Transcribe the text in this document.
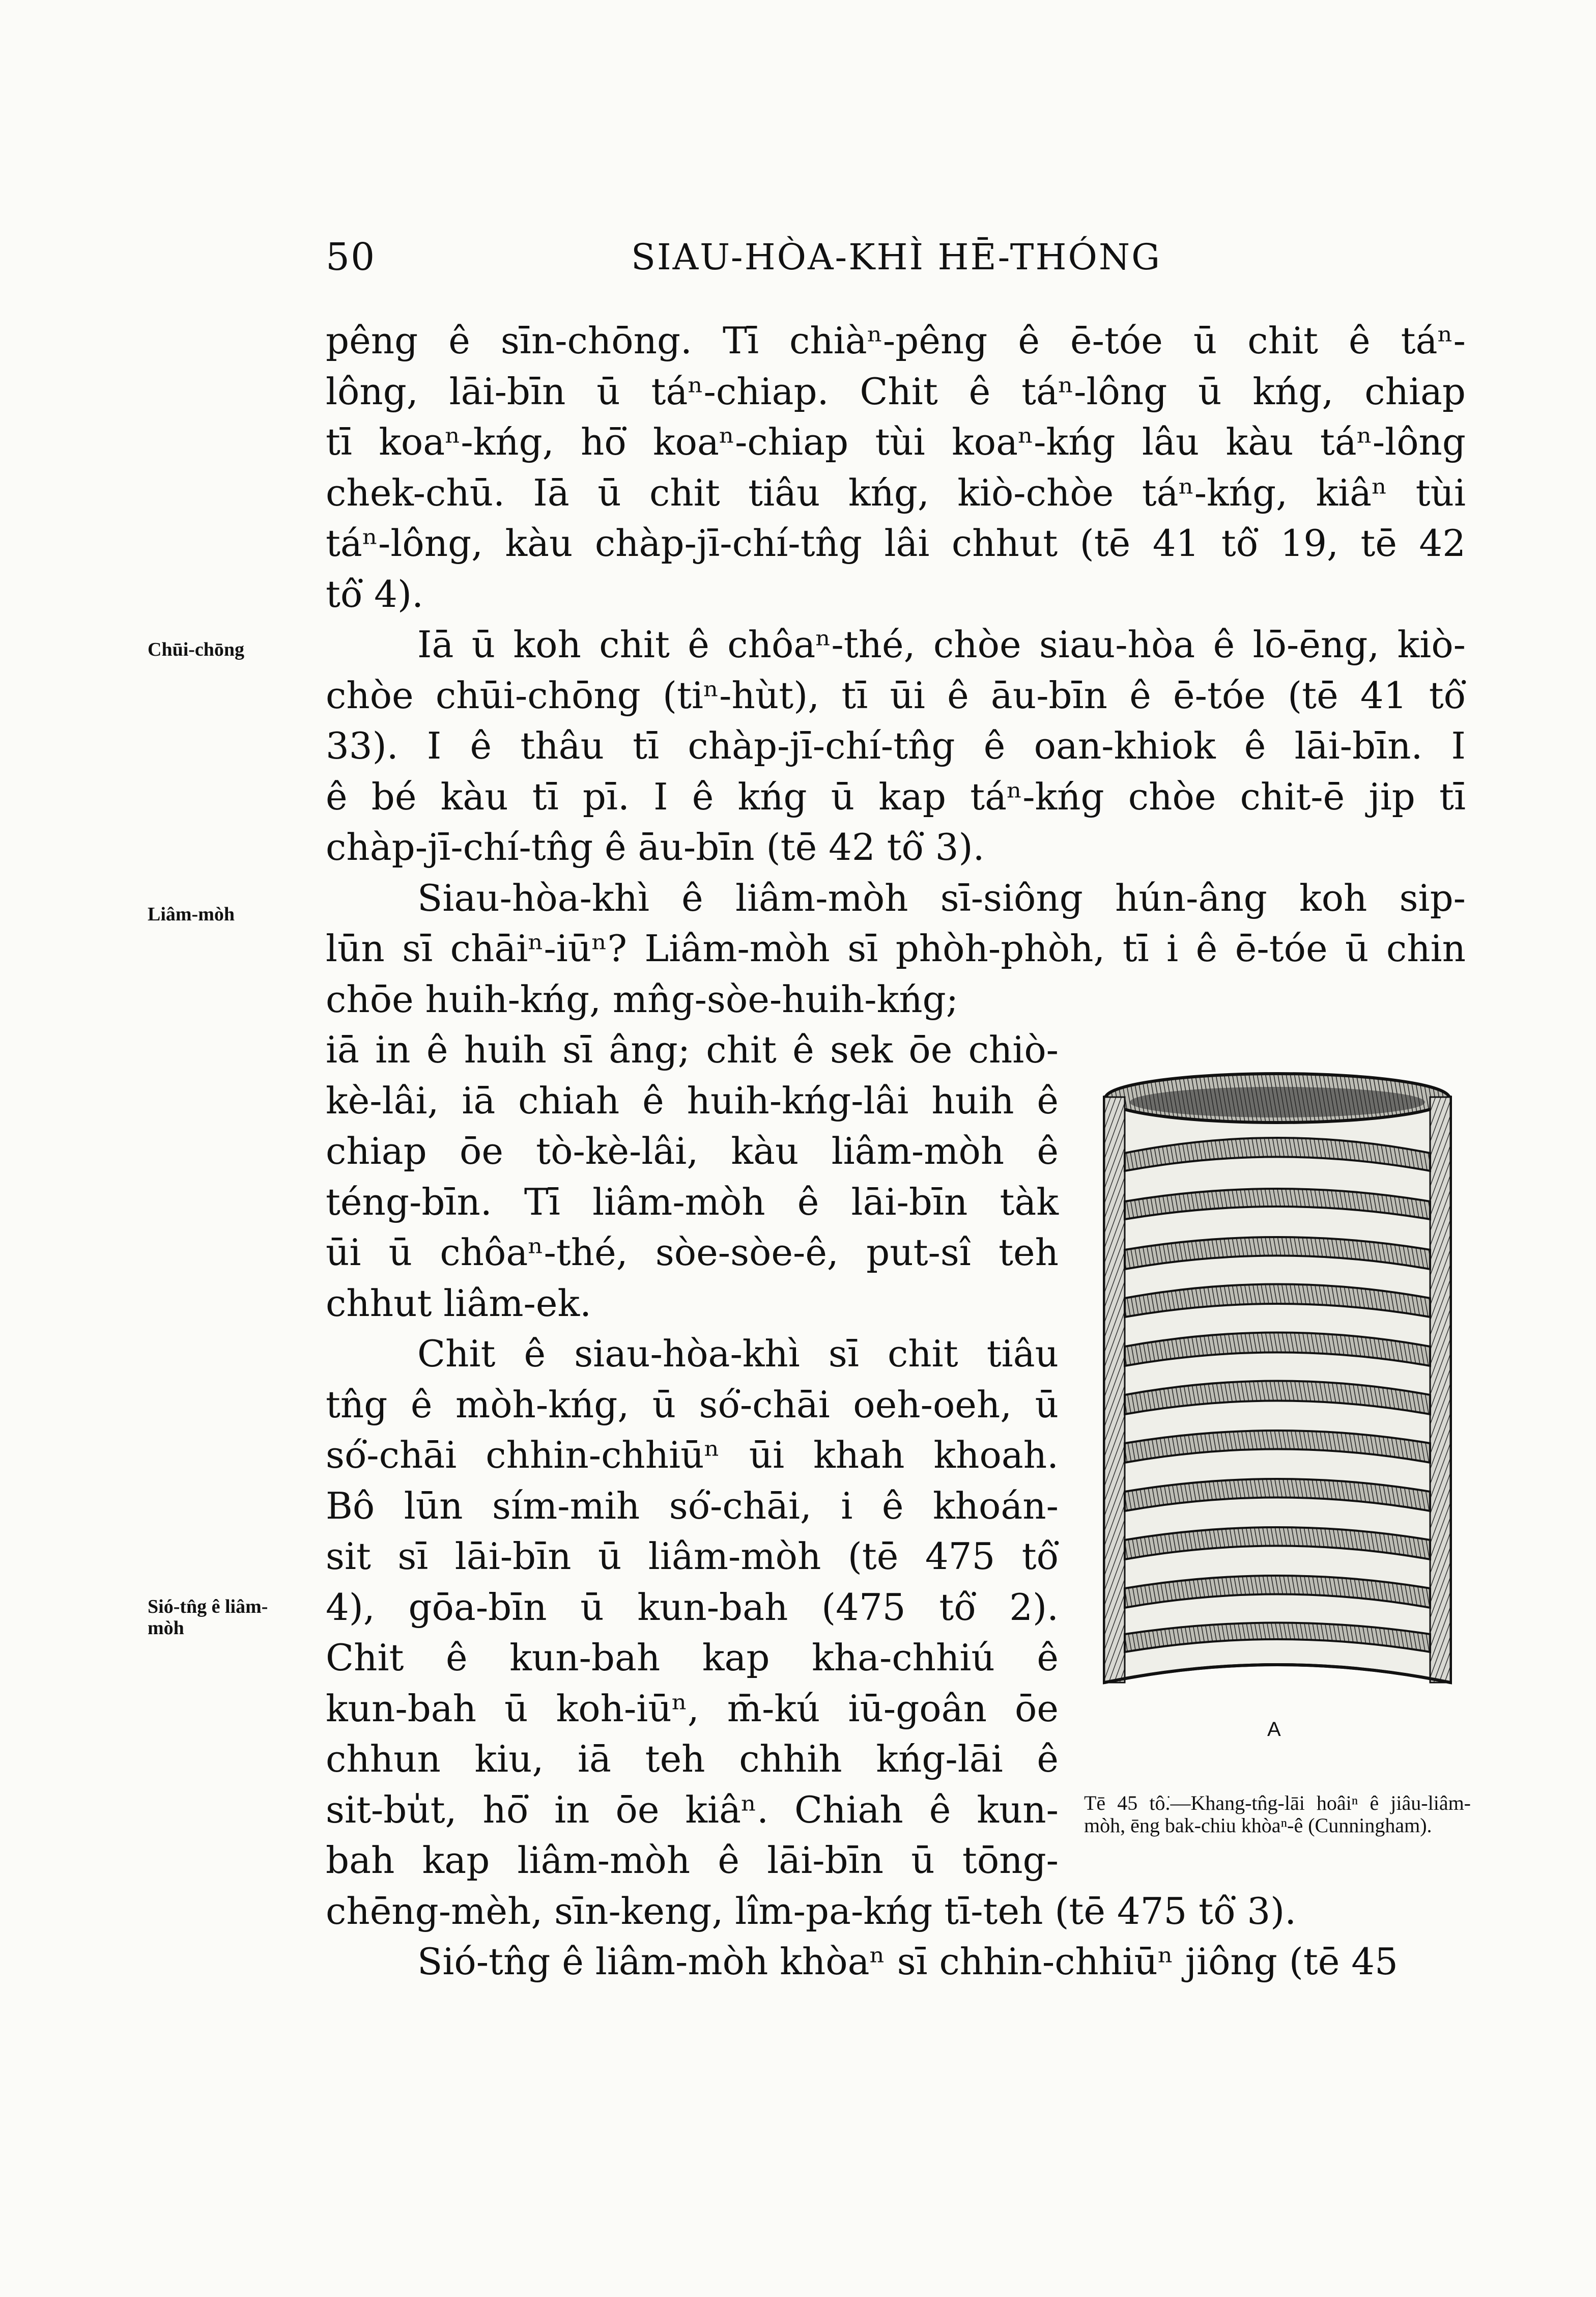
50	SIAU-HÒA-KHÌ HĒ-THÓNG
Chūi-chōng
Liâm-mòh
Sió-tn̂g ê liâm-mòh
pêng ê sīn-chōng. Tī chiàⁿ-pêng ê ē-tóe ū chit ê táⁿ-
lông, lāi-bīn ū táⁿ-chiap. Chit ê táⁿ-lông ū kńg, chiap
tī koaⁿ-kńg, hō͘ koaⁿ-chiap tùi koaⁿ-kńg lâu kàu táⁿ-lông
chek-chū. Iā ū chit tiâu kńg, kiò-chòe táⁿ-kńg, kiâⁿ tùi
táⁿ-lông, kàu chàp-jī-chí-tn̂g lâi chhut (tē 41 tô͘ 19, tē 42
tô͘ 4).
Iā ū koh chit ê chôaⁿ-thé, chòe siau-hòa ê lō-ēng, kiò-
chòe chūi-chōng (tiⁿ-hùt), tī ūi ê āu-bīn ê ē-tóe (tē 41 tô͘
33). I ê thâu tī chàp-jī-chí-tn̂g ê oan-khiok ê lāi-bīn. I
ê bé kàu tī pī. I ê kńg ū kap táⁿ-kńg chòe chit-ē jip tī
chàp-jī-chí-tn̂g ê āu-bīn (tē 42 tô͘ 3).
Siau-hòa-khì ê liâm-mòh sī-siông hún-âng koh sip-
lūn sī chāiⁿ-iūⁿ? Liâm-mòh sī phòh-phòh, tī i ê ē-tóe ū chin
chōe huih-kńg, mn̂g-sòe-huih-kńg;
iā in ê huih sī âng; chit ê sek ōe chiò-
kè-lâi, iā chiah ê huih-kńg-lâi huih ê
chiap ōe tò-kè-lâi, kàu liâm-mòh ê
téng-bīn. Tī liâm-mòh ê lāi-bīn tàk
ūi ū chôaⁿ-thé, sòe-sòe-ê, put-sî teh
chhut liâm-ek.
Chit ê siau-hòa-khì sī chit tiâu
tn̂g ê mòh-kńg, ū só͘-chāi oeh-oeh, ū
só͘-chāi chhin-chhiūⁿ ūi khah khoah.
Bô lūn sím-mih só͘-chāi, i ê khoán-
sit sī lāi-bīn ū liâm-mòh (tē 475 tô͘
4), gōa-bīn ū kun-bah (475 tô͘ 2).
Chit ê kun-bah kap kha-chhiú ê
kun-bah ū koh-iūⁿ, m̄-kú iū-goân ōe
chhun kiu, iā teh chhih kńg-lāi ê
sit-bu̍t, hō͘ in ōe kiâⁿ. Chiah ê kun-
bah kap liâm-mòh ê lāi-bīn ū tōng-
chēng-mèh, sīn-keng, lîm-pa-kńg tī-teh (tē 475 tô͘ 3).
Sió-tn̂g ê liâm-mòh khòaⁿ sī chhin-chhiūⁿ jiông (tē 45
A
Tē 45 tô͘.—Khang-tn̂g-lāi hoâiⁿ ê jiâu-liâm-mòh, ēng bak-chiu khòaⁿ-ê (Cunningham).
